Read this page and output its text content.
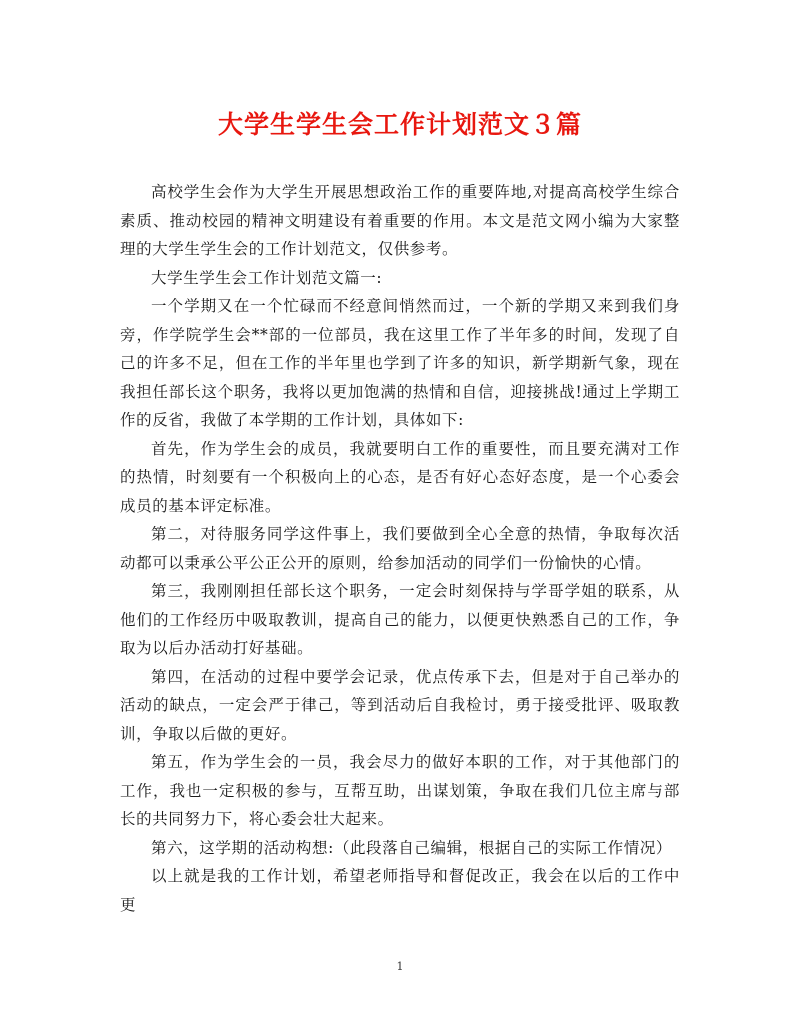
大学生学生会工作计划范文３篇

高校学生会作为大学生开展思想政治工作的重要阵地,对提高高校学生综合素质、推动校园的精神文明建设有着重要的作用。本文是范文网小编为大家整理的大学生学生会的工作计划范文，仅供参考。

大学生学生会工作计划范文篇一:

一个学期又在一个忙碌而不经意间悄然而过，一个新的学期又来到我们身旁，作学院学生会**部的一位部员，我在这里工作了半年多的时间，发现了自己的许多不足，但在工作的半年里也学到了许多的知识，新学期新气象，现在我担任部长这个职务，我将以更加饱满的热情和自信，迎接挑战!通过上学期工作的反省，我做了本学期的工作计划，具体如下:

首先，作为学生会的成员，我就要明白工作的重要性，而且要充满对工作的热情，时刻要有一个积极向上的心态，是否有好心态好态度，是一个心委会成员的基本评定标准。

第二，对待服务同学这件事上，我们要做到全心全意的热情，争取每次活动都可以秉承公平公正公开的原则，给参加活动的同学们一份愉快的心情。

第三，我刚刚担任部长这个职务，一定会时刻保持与学哥学姐的联系，从他们的工作经历中吸取教训，提高自己的能力，以便更快熟悉自己的工作，争取为以后办活动打好基础。

第四，在活动的过程中要学会记录，优点传承下去，但是对于自己举办的活动的缺点，一定会严于律己，等到活动后自我检讨，勇于接受批评、吸取教训，争取以后做的更好。

第五，作为学生会的一员，我会尽力的做好本职的工作，对于其他部门的工作，我也一定积极的参与，互帮互助，出谋划策，争取在我们几位主席与部长的共同努力下，将心委会壮大起来。

第六，这学期的活动构想:（此段落自己编辑，根据自己的实际工作情况）

以上就是我的工作计划，希望老师指导和督促改正，我会在以后的工作中更

1
